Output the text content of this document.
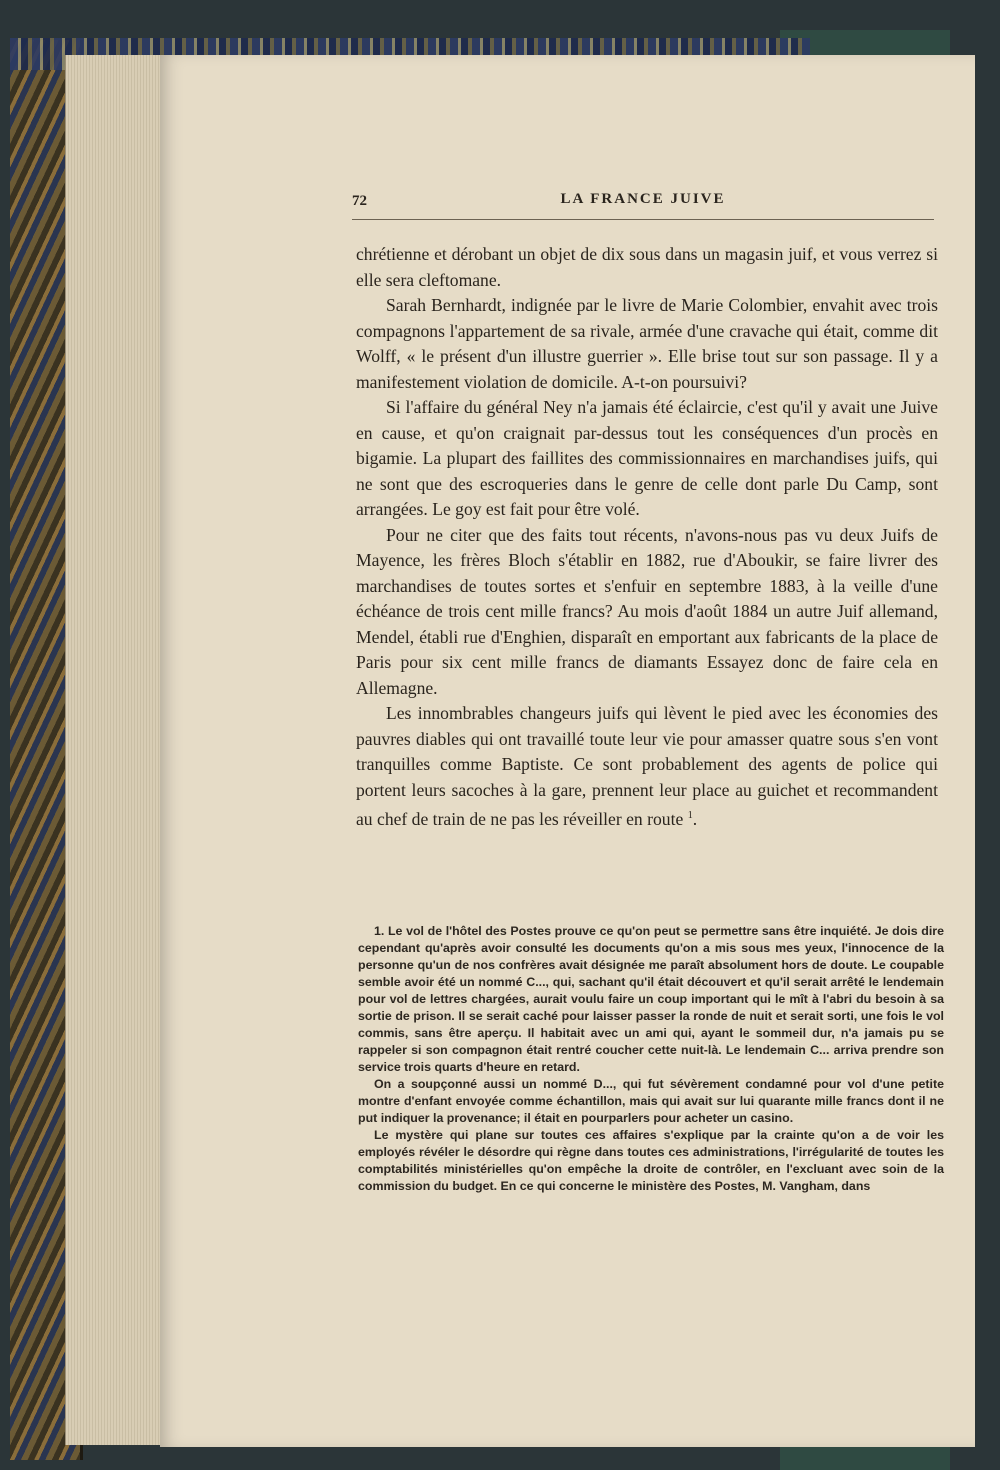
72	LA FRANCE JUIVE

chrétienne et dérobant un objet de dix sous dans un magasin juif, et vous verrez si elle sera cleftomane.

Sarah Bernhardt, indignée par le livre de Marie Colombier, envahit avec trois compagnons l'appartement de sa rivale, armée d'une cravache qui était, comme dit Wolff, « le présent d'un illustre guerrier ». Elle brise tout sur son passage. Il y a manifestement violation de domicile. A-t-on poursuivi?

Si l'affaire du général Ney n'a jamais été éclaircie, c'est qu'il y avait une Juive en cause, et qu'on craignait par-dessus tout les conséquences d'un procès en bigamie. La plupart des faillites des commissionnaires en marchandises juifs, qui ne sont que des escroqueries dans le genre de celle dont parle Du Camp, sont arrangées. Le goy est fait pour être volé.

Pour ne citer que des faits tout récents, n'avons-nous pas vu deux Juifs de Mayence, les frères Bloch s'établir en 1882, rue d'Aboukir, se faire livrer des marchandises de toutes sortes et s'enfuir en septembre 1883, à la veille d'une échéance de trois cent mille francs? Au mois d'août 1884 un autre Juif allemand, Mendel, établi rue d'Enghien, disparaît en emportant aux fabricants de la place de Paris pour six cent mille francs de diamants Essayez donc de faire cela en Allemagne.

Les innombrables changeurs juifs qui lèvent le pied avec les économies des pauvres diables qui ont travaillé toute leur vie pour amasser quatre sous s'en vont tranquilles comme Baptiste. Ce sont probablement des agents de police qui portent leurs sacoches à la gare, prennent leur place au guichet et recommandent au chef de train de ne pas les réveiller en route $^1$.

1. Le vol de l'hôtel des Postes prouve ce qu'on peut se permettre sans être inquiété. Je dois dire cependant qu'après avoir consulté les documents qu'on a mis sous mes yeux, l'innocence de la personne qu'un de nos confrères avait désignée me paraît absolument hors de doute. Le coupable semble avoir été un nommé C..., qui, sachant qu'il était découvert et qu'il serait arrêté le lendemain pour vol de lettres chargées, aurait voulu faire un coup important qui le mît à l'abri du besoin à sa sortie de prison. Il se serait caché pour laisser passer la ronde de nuit et serait sorti, une fois le vol commis, sans être aperçu. Il habitait avec un ami qui, ayant le sommeil dur, n'a jamais pu se rappeler si son compagnon était rentré coucher cette nuit-là. Le lendemain C... arriva prendre son service trois quarts d'heure en retard.

On a soupçonné aussi un nommé D..., qui fut sévèrement condamné pour vol d'une petite montre d'enfant envoyée comme échantillon, mais qui avait sur lui quarante mille francs dont il ne put indiquer la provenance; il était en pourparlers pour acheter un casino.

Le mystère qui plane sur toutes ces affaires s'explique par la crainte qu'on a de voir les employés révéler le désordre qui règne dans toutes ces administrations, l'irrégularité de toutes les comptabilités ministérielles qu'on empêche la droite de contrôler, en l'excluant avec soin de la commission du budget. En ce qui concerne le ministère des Postes, M. Vangham, dans
